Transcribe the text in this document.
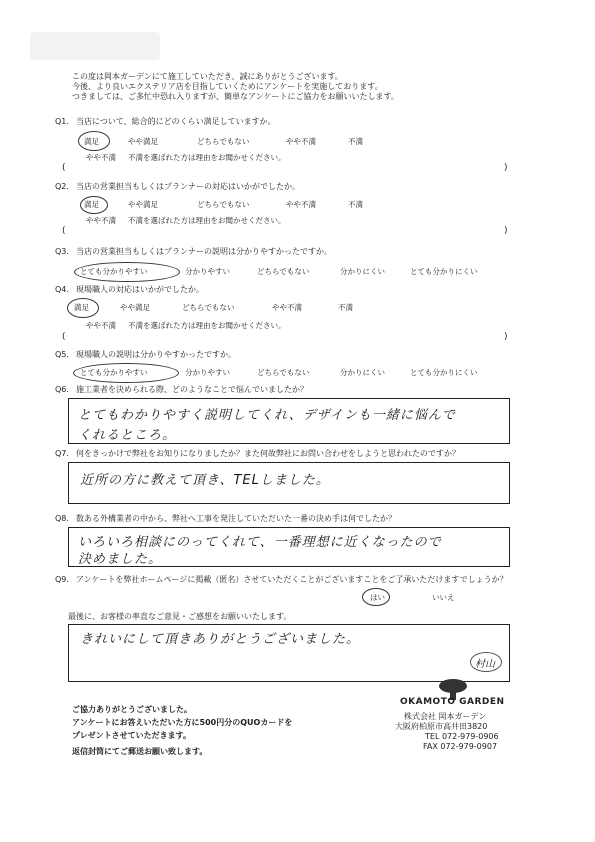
この度は岡本ガーデンにて施工していただき、誠にありがとうございます。
今後、より良いエクステリア店を目指していくためにアンケートを実施しております。
つきましては、ご多忙中恐れ入りますが、簡単なアンケートにご協力をお願いいたします。
Q1. 当店について、総合的にどのくらい満足していますか。
満足	やや満足	どちらでもない	やや不満	不満
やや不満 不満を選ばれた方は理由をお聞かせください。
(	)
Q2. 当店の営業担当もしくはプランナーの対応はいかがでしたか。
満足	やや満足	どちらでもない	やや不満	不満
やや不満 不満を選ばれた方は理由をお聞かせください。
(	)
Q3. 当店の営業担当もしくはプランナーの説明は分かりやすかったですか。
とても分かりやすい	分かりやすい	どちらでもない	分かりにくい	とても分かりにくい
Q4. 現場職人の対応はいかがでしたか。
満足	やや満足	どちらでもない	やや不満	不満
やや不満 不満を選ばれた方は理由をお聞かせください。
(	)
Q5. 現場職人の説明は分かりやすかったですか。
とても分かりやすい	分かりやすい	どちらでもない	分かりにくい	とても分かりにくい
Q6. 施工業者を決められる際、どのようなことで悩んでいましたか？
とてもわかりやすく説明してくれ、デザインも一緒に悩んで
くれるところ。
Q7. 何をきっかけで弊社をお知りになりましたか？また何故弊社にお問い合わせをしようと思われたのですか？
近所の方に教えて頂き、TELしました。
Q8. 数ある外構業者の中から、弊社へ工事を発注していただいた一番の決め手は何でしたか？
いろいろ相談にのってくれて、一番理想に近くなったので
決めました。
Q9. アンケートを弊社ホームページに掲載（匿名）させていただくことがございますことをご了承いただけますでしょうか？
はい	いいえ
最後に、お客様の率直なご意見・ご感想をお願いいたします。
きれいにして頂きありがとうございました。
村山
ご協力ありがとうございました。
アンケートにお答えいただいた方に500円分のQUOカードを
プレゼントさせていただきます。
返信封筒にてご郵送お願い致します。
OKAMOTO GARDEN
株式会社 岡本ガーデン
大阪府柏原市高井田3820
TEL 072-979-0906
FAX 072-979-0907
